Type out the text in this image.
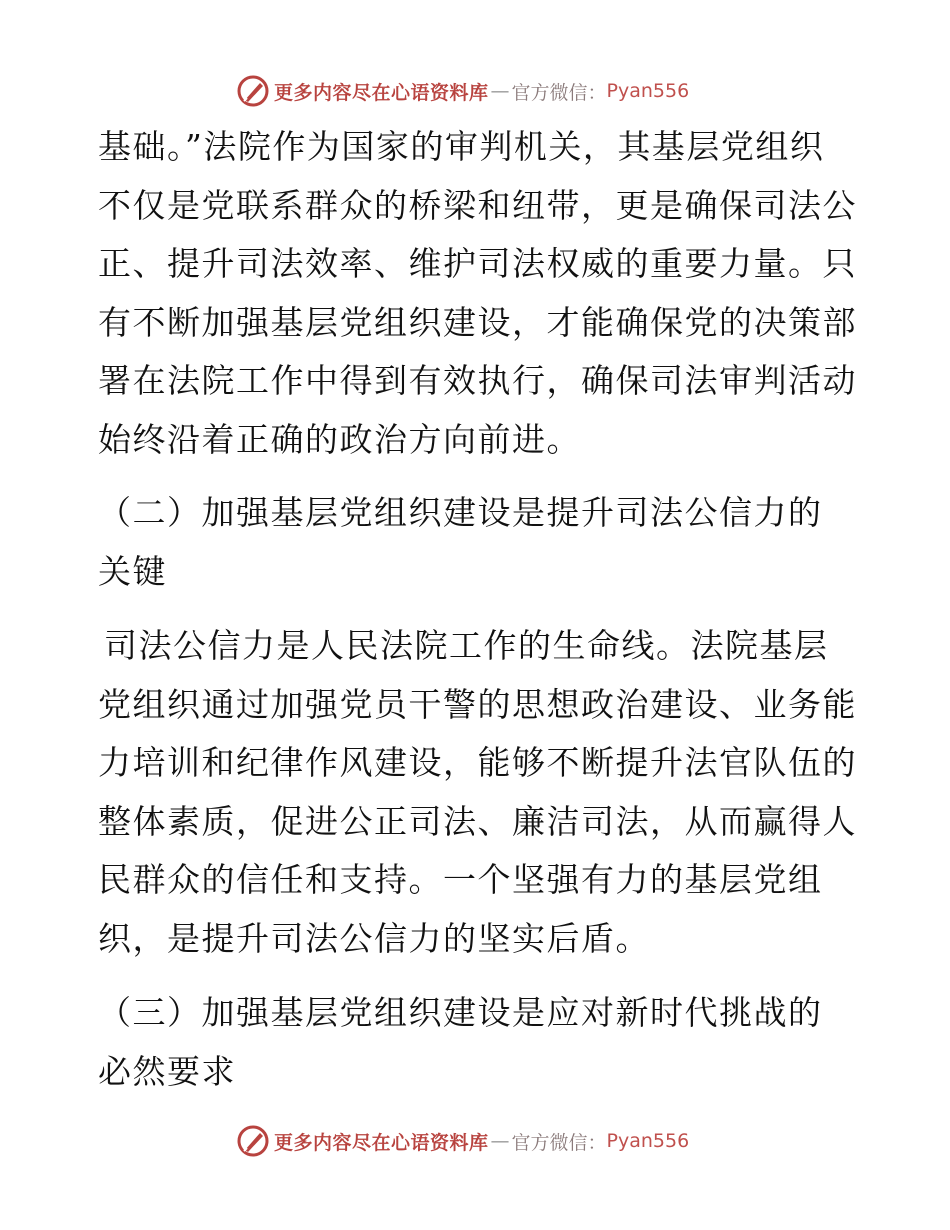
更多内容尽在心语资料库 — 官方微信： Pyan556
基础。”法院作为国家的审判机关，其基层党组织
不仅是党联系群众的桥梁和纽带，更是确保司法公
正、提升司法效率、维护司法权威的重要力量。只
有不断加强基层党组织建设，才能确保党的决策部
署在法院工作中得到有效执行，确保司法审判活动
始终沿着正确的政治方向前进。
（二）加强基层党组织建设是提升司法公信力的
关键
司法公信力是人民法院工作的生命线。法院基层
党组织通过加强党员干警的思想政治建设、业务能
力培训和纪律作风建设，能够不断提升法官队伍的
整体素质，促进公正司法、廉洁司法，从而赢得人
民群众的信任和支持。一个坚强有力的基层党组
织，是提升司法公信力的坚实后盾。
（三）加强基层党组织建设是应对新时代挑战的
必然要求
更多内容尽在心语资料库 — 官方微信： Pyan556
